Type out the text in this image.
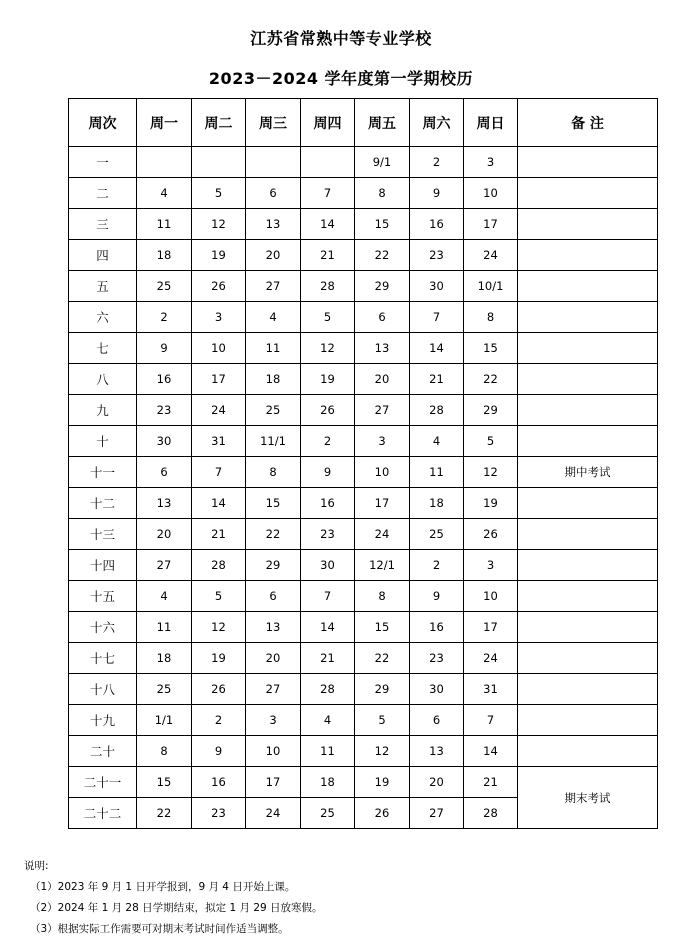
江苏省常熟中等专业学校
2023－2024 学年度第一学期校历
周次	周一	周二	周三	周四	周五	周六	周日	备 注
一					9/1	2	3	
二	4	5	6	7	8	9	10	
三	11	12	13	14	15	16	17	
四	18	19	20	21	22	23	24	
五	25	26	27	28	29	30	10/1	
六	2	3	4	5	6	7	8	
七	9	10	11	12	13	14	15	
八	16	17	18	19	20	21	22	
九	23	24	25	26	27	28	29	
十	30	31	11/1	2	3	4	5	
十一	6	7	8	9	10	11	12	期中考试
十二	13	14	15	16	17	18	19	
十三	20	21	22	23	24	25	26	
十四	27	28	29	30	12/1	2	3	
十五	4	5	6	7	8	9	10	
十六	11	12	13	14	15	16	17	
十七	18	19	20	21	22	23	24	
十八	25	26	27	28	29	30	31	
十九	1/1	2	3	4	5	6	7	
二十	8	9	10	11	12	13	14	
二十一	15	16	17	18	19	20	21	期末考试
二十二	22	23	24	25	26	27	28	
说明:
（1）2023 年 9 月 1 日开学报到，9 月 4 日开始上课。
（2）2024 年 1 月 28 日学期结束，拟定 1 月 29 日放寒假。
（3）根据实际工作需要可对期末考试时间作适当调整。
